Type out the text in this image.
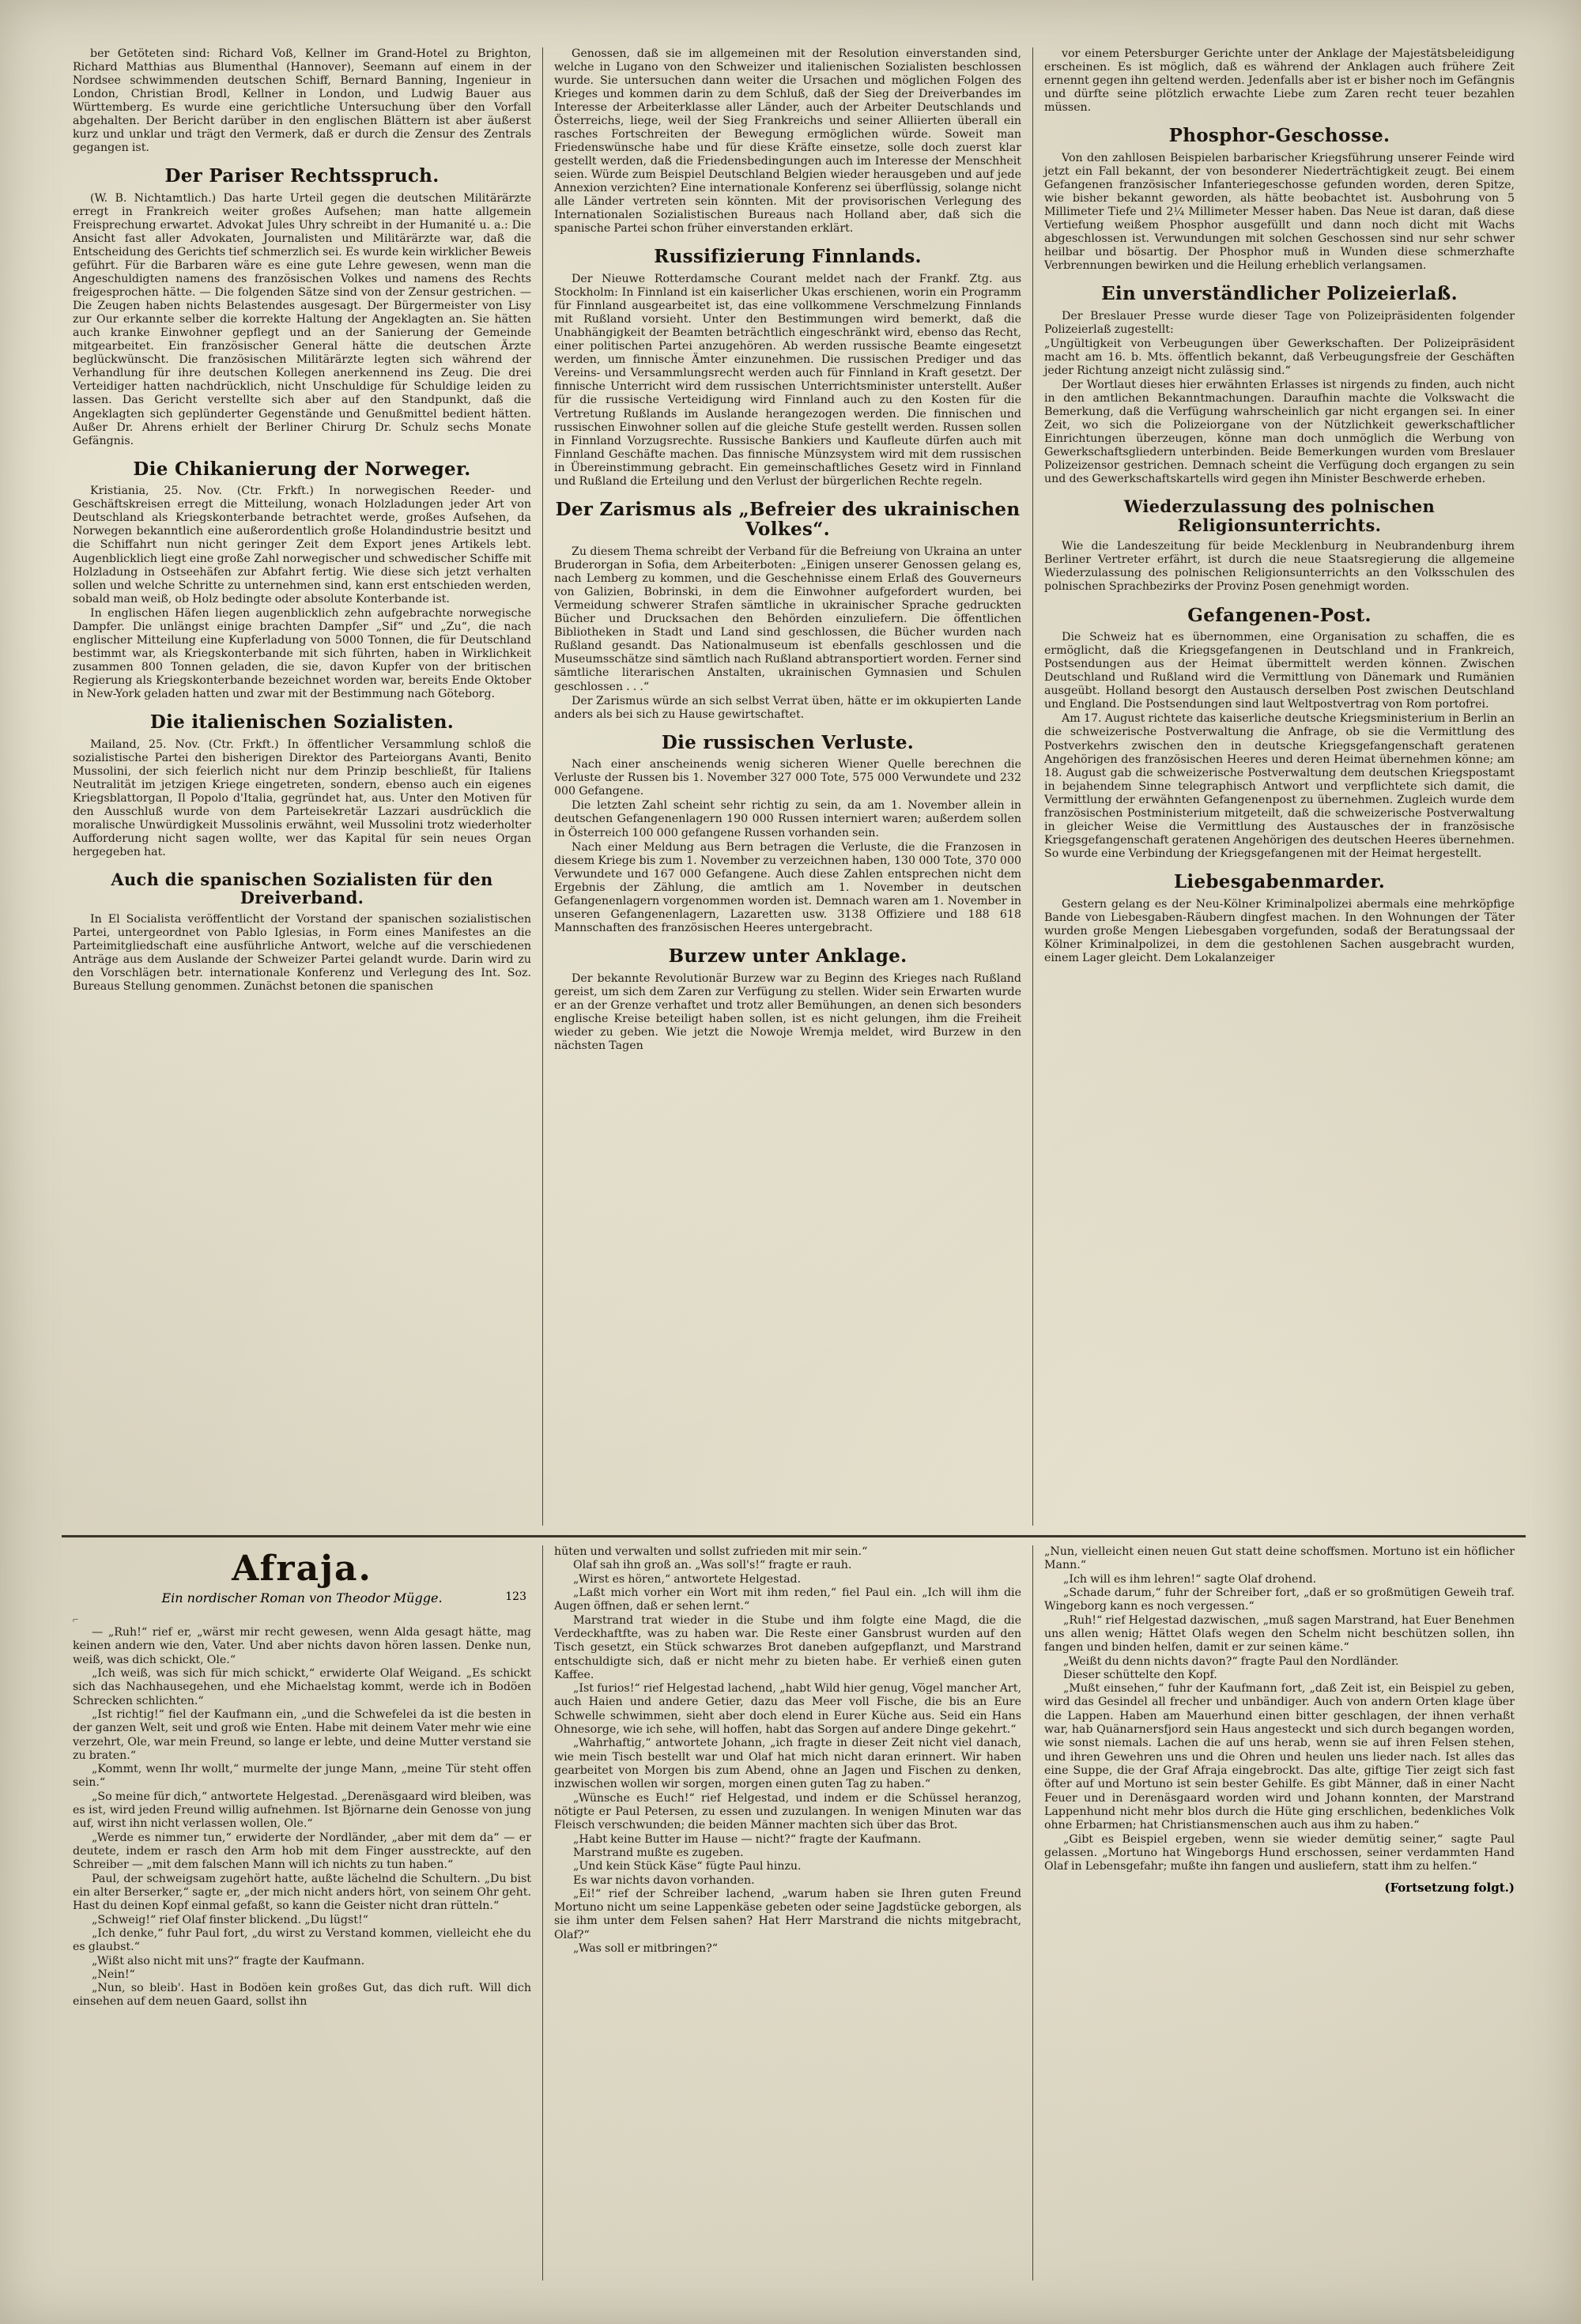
ber Getöteten sind: Richard Voß, Kellner im Grand-Hotel zu Brighton, Richard Matthias aus Blumenthal (Hannover), Seemann auf einem in der Nordsee schwimmenden deutschen Schiff, Bernard Banning, Ingenieur in London, Christian Brodl, Kellner in London, und Ludwig Bauer aus Württemberg. Es wurde eine gerichtliche Untersuchung über den Vorfall abgehalten. Der Bericht darüber in den englischen Blättern ist aber äußerst kurz und unklar und trägt den Vermerk, daß er durch die Zensur des Zentrals gegangen ist.

Der Pariser Rechtsspruch.

(W. B. Nichtamtlich.) Das harte Urteil gegen die deutschen Militärärzte erregt in Frankreich weiter großes Aufsehen; man hatte allgemein Freisprechung erwartet. Advokat Jules Uhry schreibt in der Humanité u. a.: Die Ansicht fast aller Advokaten, Journalisten und Militärärzte war, daß die Entscheidung des Gerichts tief schmerzlich sei. Es wurde kein wirklicher Beweis geführt. Für die Barbaren wäre es eine gute Lehre gewesen, wenn man die Angeschuldigten namens des französischen Volkes und namens des Rechts freigesprochen hätte. — Die folgenden Sätze sind von der Zensur gestrichen. — Die Zeugen haben nichts Belastendes ausgesagt. Der Bürgermeister von Lisy zur Our erkannte selber die korrekte Haltung der Angeklagten an. Sie hätten auch kranke Einwohner gepflegt und an der Sanierung der Gemeinde mitgearbeitet. Ein französischer General hätte die deutschen Ärzte beglückwünscht. Die französischen Militärärzte legten sich während der Verhandlung für ihre deutschen Kollegen anerkennend ins Zeug. Die drei Verteidiger hatten nachdrücklich, nicht Unschuldige für Schuldige leiden zu lassen. Das Gericht verstellte sich aber auf den Standpunkt, daß die Angeklagten sich geplünderter Gegenstände und Genußmittel bedient hätten. Außer Dr. Ahrens erhielt der Berliner Chirurg Dr. Schulz sechs Monate Gefängnis.

Die Chikanierung der Norweger.

Kristiania, 25. Nov. (Ctr. Frkft.) In norwegischen Reeder- und Geschäftskreisen erregt die Mitteilung, wonach Holzladungen jeder Art von Deutschland als Kriegskonterbande betrachtet werde, großes Aufsehen, da Norwegen bekanntlich eine außerordentlich große Holandindustrie besitzt und die Schiffahrt nun nicht geringer Zeit dem Export jenes Artikels lebt. Augenblicklich liegt eine große Zahl norwegischer und schwedischer Schiffe mit Holzladung in Ostseehäfen zur Abfahrt fertig. Wie diese sich jetzt verhalten sollen und welche Schritte zu unternehmen sind, kann erst entschieden werden, sobald man weiß, ob Holz bedingte oder absolute Konterbande ist.

In englischen Häfen liegen augenblicklich zehn aufgebrachte norwegische Dampfer. Die unlängst einige brachten Dampfer „Sif“ und „Zu“, die nach englischer Mitteilung eine Kupferladung von 5000 Tonnen, die für Deutschland bestimmt war, als Kriegskonterbande mit sich führten, haben in Wirklichkeit zusammen 800 Tonnen geladen, die sie, davon Kupfer von der britischen Regierung als Kriegskonterbande bezeichnet worden war, bereits Ende Oktober in New-York geladen hatten und zwar mit der Bestimmung nach Göteborg.

Die italienischen Sozialisten.

Mailand, 25. Nov. (Ctr. Frkft.) In öffentlicher Versammlung schloß die sozialistische Partei den bisherigen Direktor des Parteiorgans Avanti, Benito Mussolini, der sich feierlich nicht nur dem Prinzip beschließt, für Italiens Neutralität im jetzigen Kriege eingetreten, sondern, ebenso auch ein eigenes Kriegsblattorgan, Il Popolo d'Italia, gegründet hat, aus. Unter den Motiven für den Ausschluß wurde von dem Parteisekretär Lazzari ausdrücklich die moralische Unwürdigkeit Mussolinis erwähnt, weil Mussolini trotz wiederholter Aufforderung nicht sagen wollte, wer das Kapital für sein neues Organ hergegeben hat.

Auch die spanischen Sozialisten für den Dreiverband.

In El Socialista veröffentlicht der Vorstand der spanischen sozialistischen Partei, untergeordnet von Pablo Iglesias, in Form eines Manifestes an die Parteimitgliedschaft eine ausführliche Antwort, welche auf die verschiedenen Anträge aus dem Auslande der Schweizer Partei gelandt wurde. Darin wird zu den Vorschlägen betr. internationale Konferenz und Verlegung des Int. Soz. Bureaus Stellung genommen. Zunächst betonen die spanischen

Genossen, daß sie im allgemeinen mit der Resolution einverstanden sind, welche in Lugano von den Schweizer und italienischen Sozialisten beschlossen wurde. Sie untersuchen dann weiter die Ursachen und möglichen Folgen des Krieges und kommen darin zu dem Schluß, daß der Sieg der Dreiverbandes im Interesse der Arbeiterklasse aller Länder, auch der Arbeiter Deutschlands und Österreichs, liege, weil der Sieg Frankreichs und seiner Alliierten überall ein rasches Fortschreiten der Bewegung ermöglichen würde. Soweit man Friedenswünsche habe und für diese Kräfte einsetze, solle doch zuerst klar gestellt werden, daß die Friedensbedingungen auch im Interesse der Menschheit seien. Würde zum Beispiel Deutschland Belgien wieder herausgeben und auf jede Annexion verzichten? Eine internationale Konferenz sei überflüssig, solange nicht alle Länder vertreten sein könnten. Mit der provisorischen Verlegung des Internationalen Sozialistischen Bureaus nach Holland aber, daß sich die spanische Partei schon früher einverstanden erklärt.

Russifizierung Finnlands.

Der Nieuwe Rotterdamsche Courant meldet nach der Frankf. Ztg. aus Stockholm: In Finnland ist ein kaiserlicher Ukas erschienen, worin ein Programm für Finnland ausgearbeitet ist, das eine vollkommene Verschmelzung Finnlands mit Rußland vorsieht. Unter den Bestimmungen wird bemerkt, daß die Unabhängigkeit der Beamten beträchtlich eingeschränkt wird, ebenso das Recht, einer politischen Partei anzugehören. Ab werden russische Beamte eingesetzt werden, um finnische Ämter einzunehmen. Die russischen Prediger und das Vereins- und Versammlungsrecht werden auch für Finnland in Kraft gesetzt. Der finnische Unterricht wird dem russischen Unterrichtsminister unterstellt. Außer für die russische Verteidigung wird Finnland auch zu den Kosten für die Vertretung Rußlands im Auslande herangezogen werden. Die finnischen und russischen Einwohner sollen auf die gleiche Stufe gestellt werden. Russen sollen in Finnland Vorzugsrechte. Russische Bankiers und Kaufleute dürfen auch mit Finnland Geschäfte machen. Das finnische Münzsystem wird mit dem russischen in Übereinstimmung gebracht. Ein gemeinschaftliches Gesetz wird in Finnland und Rußland die Erteilung und den Verlust der bürgerlichen Rechte regeln.

Der Zarismus als „Befreier des ukrainischen Volkes“.

Zu diesem Thema schreibt der Verband für die Befreiung von Ukraina an unter Bruderorgan in Sofia, dem Arbeiterboten: „Einigen unserer Genossen gelang es, nach Lemberg zu kommen, und die Geschehnisse einem Erlaß des Gouverneurs von Galizien, Bobrinski, in dem die Einwohner aufgefordert wurden, bei Vermeidung schwerer Strafen sämtliche in ukrainischer Sprache gedruckten Bücher und Drucksachen den Behörden einzuliefern. Die öffentlichen Bibliotheken in Stadt und Land sind geschlossen, die Bücher wurden nach Rußland gesandt. Das Nationalmuseum ist ebenfalls geschlossen und die Museumsschätze sind sämtlich nach Rußland abtransportiert worden. Ferner sind sämtliche literarischen Anstalten, ukrainischen Gymnasien und Schulen geschlossen . . .“

Der Zarismus würde an sich selbst Verrat üben, hätte er im okkupierten Lande anders als bei sich zu Hause gewirtschaftet.

Die russischen Verluste.

Nach einer anscheinends wenig sicheren Wiener Quelle berechnen die Verluste der Russen bis 1. November 327 000 Tote, 575 000 Verwundete und 232 000 Gefangene.

Die letzten Zahl scheint sehr richtig zu sein, da am 1. November allein in deutschen Gefangenenlagern 190 000 Russen interniert waren; außerdem sollen in Österreich 100 000 gefangene Russen vorhanden sein.

Nach einer Meldung aus Bern betragen die Verluste, die die Franzosen in diesem Kriege bis zum 1. November zu verzeichnen haben, 130 000 Tote, 370 000 Verwundete und 167 000 Gefangene. Auch diese Zahlen entsprechen nicht dem Ergebnis der Zählung, die amtlich am 1. November in deutschen Gefangenenlagern vorgenommen worden ist. Demnach waren am 1. November in unseren Gefangenenlagern, Lazaretten usw. 3138 Offiziere und 188 618 Mannschaften des französischen Heeres untergebracht.

Burzew unter Anklage.

Der bekannte Revolutionär Burzew war zu Beginn des Krieges nach Rußland gereist, um sich dem Zaren zur Verfügung zu stellen. Wider sein Erwarten wurde er an der Grenze verhaftet und trotz aller Bemühungen, an denen sich besonders englische Kreise beteiligt haben sollen, ist es nicht gelungen, ihm die Freiheit wieder zu geben. Wie jetzt die Nowoje Wremja meldet, wird Burzew in den nächsten Tagen

vor einem Petersburger Gerichte unter der Anklage der Majestätsbeleidigung erscheinen. Es ist möglich, daß es während der Anklagen auch frühere Zeit ernennt gegen ihn geltend werden. Jedenfalls aber ist er bisher noch im Gefängnis und dürfte seine plötzlich erwachte Liebe zum Zaren recht teuer bezahlen müssen.

Phosphor-Geschosse.

Von den zahllosen Beispielen barbarischer Kriegsführung unserer Feinde wird jetzt ein Fall bekannt, der von besonderer Niederträchtigkeit zeugt. Bei einem Gefangenen französischer Infanteriegeschosse gefunden worden, deren Spitze, wie bisher bekannt geworden, als hätte beobachtet ist. Ausbohrung von 5 Millimeter Tiefe und 2¼ Millimeter Messer haben. Das Neue ist daran, daß diese Vertiefung weißem Phosphor ausgefüllt und dann noch dicht mit Wachs abgeschlossen ist. Verwundungen mit solchen Geschossen sind nur sehr schwer heilbar und bösartig. Der Phosphor muß in Wunden diese schmerzhafte Verbrennungen bewirken und die Heilung erheblich verlangsamen.

Ein unverständlicher Polizeierlaß.

Der Breslauer Presse wurde dieser Tage von Polizeipräsidenten folgender Polizeierlaß zugestellt:

„Ungültigkeit von Verbeugungen über Gewerkschaften. Der Polizeipräsident macht am 16. b. Mts. öffentlich bekannt, daß Verbeugungsfreie der Geschäften jeder Richtung anzeigt nicht zulässig sind.“

Der Wortlaut dieses hier erwähnten Erlasses ist nirgends zu finden, auch nicht in den amtlichen Bekanntmachungen. Daraufhin machte die Volkswacht die Bemerkung, daß die Verfügung wahrscheinlich gar nicht ergangen sei. In einer Zeit, wo sich die Polizeiorgane von der Nützlichkeit gewerkschaftlicher Einrichtungen überzeugen, könne man doch unmöglich die Werbung von Gewerkschaftsgliedern unterbinden. Beide Bemerkungen wurden vom Breslauer Polizeizensor gestrichen. Demnach scheint die Verfügung doch ergangen zu sein und des Gewerkschaftskartells wird gegen ihn Minister Beschwerde erheben.

Wiederzulassung des polnischen Religionsunterrichts.

Wie die Landeszeitung für beide Mecklenburg in Neubrandenburg ihrem Berliner Vertreter erfährt, ist durch die neue Staatsregierung die allgemeine Wiederzulassung des polnischen Religionsunterrichts an den Volksschulen des polnischen Sprachbezirks der Provinz Posen genehmigt worden.

Gefangenen-Post.

Die Schweiz hat es übernommen, eine Organisation zu schaffen, die es ermöglicht, daß die Kriegsgefangenen in Deutschland und in Frankreich, Postsendungen aus der Heimat übermittelt werden können. Zwischen Deutschland und Rußland wird die Vermittlung von Dänemark und Rumänien ausgeübt. Holland besorgt den Austausch derselben Post zwischen Deutschland und England. Die Postsendungen sind laut Weltpostvertrag von Rom portofrei.

Am 17. August richtete das kaiserliche deutsche Kriegsministerium in Berlin an die schweizerische Postverwaltung die Anfrage, ob sie die Vermittlung des Postverkehrs zwischen den in deutsche Kriegsgefangenschaft geratenen Angehörigen des französischen Heeres und deren Heimat übernehmen könne; am 18. August gab die schweizerische Postverwaltung dem deutschen Kriegspostamt in bejahendem Sinne telegraphisch Antwort und verpflichtete sich damit, die Vermittlung der erwähnten Gefangenenpost zu übernehmen. Zugleich wurde dem französischen Postministerium mitgeteilt, daß die schweizerische Postverwaltung in gleicher Weise die Vermittlung des Austausches der in französische Kriegsgefangenschaft geratenen Angehörigen des deutschen Heeres übernehmen. So wurde eine Verbindung der Kriegsgefangenen mit der Heimat hergestellt.

Liebesgabenmarder.

Gestern gelang es der Neu-Kölner Kriminalpolizei abermals eine mehrköpfige Bande von Liebesgaben-Räubern dingfest machen. In den Wohnungen der Täter wurden große Mengen Liebesgaben vorgefunden, sodaß der Beratungssaal der Kölner Kriminalpolizei, in dem die gestohlenen Sachen ausgebracht wurden, einem Lager gleicht. Dem Lokalanzeiger

Afraja.
Ein nordischer Roman von Theodor Mügge.	123
⌐

— „Ruh!“ rief er, „wärst mir recht gewesen, wenn Alda gesagt hätte, mag keinen andern wie den, Vater. Und aber nichts davon hören lassen. Denke nun, weiß, was dich schickt, Ole.“

„Ich weiß, was sich für mich schickt,“ erwiderte Olaf Weigand. „Es schickt sich das Nachhausegehen, und ehe Michaelstag kommt, werde ich in Bodöen Schrecken schlichten.“

„Ist richtig!“ fiel der Kaufmann ein, „und die Schwefelei da ist die besten in der ganzen Welt, seit und groß wie Enten. Habe mit deinem Vater mehr wie eine verzehrt, Ole, war mein Freund, so lange er lebte, und deine Mutter verstand sie zu braten.“

„Kommt, wenn Ihr wollt,“ murmelte der junge Mann, „meine Tür steht offen sein.“

„So meine für dich,“ antwortete Helgestad. „Derenäsgaard wird bleiben, was es ist, wird jeden Freund willig aufnehmen. Ist Björnarne dein Genosse von jung auf, wirst ihn nicht verlassen wollen, Ole.“

„Werde es nimmer tun,“ erwiderte der Nordländer, „aber mit dem da“ — er deutete, indem er rasch den Arm hob mit dem Finger ausstreckte, auf den Schreiber — „mit dem falschen Mann will ich nichts zu tun haben.“

Paul, der schweigsam zugehört hatte, außte lächelnd die Schultern. „Du bist ein alter Berserker,“ sagte er, „der mich nicht anders hört, von seinem Ohr geht. Hast du deinen Kopf einmal gefaßt, so kann die Geister nicht dran rütteln.“

„Schweig!“ rief Olaf finster blickend. „Du lügst!“

„Ich denke,“ fuhr Paul fort, „du wirst zu Verstand kommen, vielleicht ehe du es glaubst.“

„Wißt also nicht mit uns?“ fragte der Kaufmann.

„Nein!“

„Nun, so bleib'. Hast in Bodöen kein großes Gut, das dich ruft. Will dich einsehen auf dem neuen Gaard, sollst ihn

hüten und verwalten und sollst zufrieden mit mir sein.“

Olaf sah ihn groß an. „Was soll's!“ fragte er rauh.

„Wirst es hören,“ antwortete Helgestad.

„Laßt mich vorher ein Wort mit ihm reden,“ fiel Paul ein. „Ich will ihm die Augen öffnen, daß er sehen lernt.“

Marstrand trat wieder in die Stube und ihm folgte eine Magd, die die Verdeckhaftfte, was zu haben war. Die Reste einer Gansbrust wurden auf den Tisch gesetzt, ein Stück schwarzes Brot daneben aufgepflanzt, und Marstrand entschuldigte sich, daß er nicht mehr zu bieten habe. Er verhieß einen guten Kaffee.

„Ist furios!“ rief Helgestad lachend, „habt Wild hier genug, Vögel mancher Art, auch Haien und andere Getier, dazu das Meer voll Fische, die bis an Eure Schwelle schwimmen, sieht aber doch elend in Eurer Küche aus. Seid ein Hans Ohnesorge, wie ich sehe, will hoffen, habt das Sorgen auf andere Dinge gekehrt.“

„Wahrhaftig,“ antwortete Johann, „ich fragte in dieser Zeit nicht viel danach, wie mein Tisch bestellt war und Olaf hat mich nicht daran erinnert. Wir haben gearbeitet von Morgen bis zum Abend, ohne an Jagen und Fischen zu denken, inzwischen wollen wir sorgen, morgen einen guten Tag zu haben.“

„Wünsche es Euch!“ rief Helgestad, und indem er die Schüssel heranzog, nötigte er Paul Petersen, zu essen und zuzulangen. In wenigen Minuten war das Fleisch verschwunden; die beiden Männer machten sich über das Brot.

„Habt keine Butter im Hause — nicht?“ fragte der Kaufmann.

Marstrand mußte es zugeben.

„Und kein Stück Käse“ fügte Paul hinzu.

Es war nichts davon vorhanden.

„Ei!“ rief der Schreiber lachend, „warum haben sie Ihren guten Freund Mortuno nicht um seine Lappenkäse gebeten oder seine Jagdstücke geborgen, als sie ihm unter dem Felsen sahen? Hat Herr Marstrand die nichts mitgebracht, Olaf?“

„Was soll er mitbringen?“

„Nun, vielleicht einen neuen Gut statt deine schoffsmen. Mortuno ist ein höflicher Mann.“

„Ich will es ihm lehren!“ sagte Olaf drohend.

„Schade darum,“ fuhr der Schreiber fort, „daß er so großmütigen Geweih traf. Wingeborg kann es noch vergessen.“

„Ruh!“ rief Helgestad dazwischen, „muß sagen Marstrand, hat Euer Benehmen uns allen wenig; Hättet Olafs wegen den Schelm nicht beschützen sollen, ihn fangen und binden helfen, damit er zur seinen käme.“

„Weißt du denn nichts davon?“ fragte Paul den Nordländer.

Dieser schüttelte den Kopf.

„Mußt einsehen,“ fuhr der Kaufmann fort, „daß Zeit ist, ein Beispiel zu geben, wird das Gesindel all frecher und unbändiger. Auch von andern Orten klage über die Lappen. Haben am Mauerhund einen bitter geschlagen, der ihnen verhaßt war, hab Quänarnersfjord sein Haus angesteckt und sich durch begangen worden, wie sonst niemals. Lachen die auf uns herab, wenn sie auf ihren Felsen stehen, und ihren Gewehren uns und die Ohren und heulen uns lieder nach. Ist alles das eine Suppe, die der Graf Afraja eingebrockt. Das alte, giftige Tier zeigt sich fast öfter auf und Mortuno ist sein bester Gehilfe. Es gibt Männer, daß in einer Nacht Feuer und in Derenäsgaard worden wird und Johann konnten, der Marstrand Lappenhund nicht mehr blos durch die Hüte ging erschlichen, bedenkliches Volk ohne Erbarmen; hat Christiansmenschen auch aus ihm zu haben.“

„Gibt es Beispiel ergeben, wenn sie wieder demütig seiner,“ sagte Paul gelassen. „Mortuno hat Wingeborgs Hund erschossen, seiner verdammten Hand Olaf in Lebensgefahr; mußte ihn fangen und ausliefern, statt ihm zu helfen.“

(Fortsetzung folgt.)
